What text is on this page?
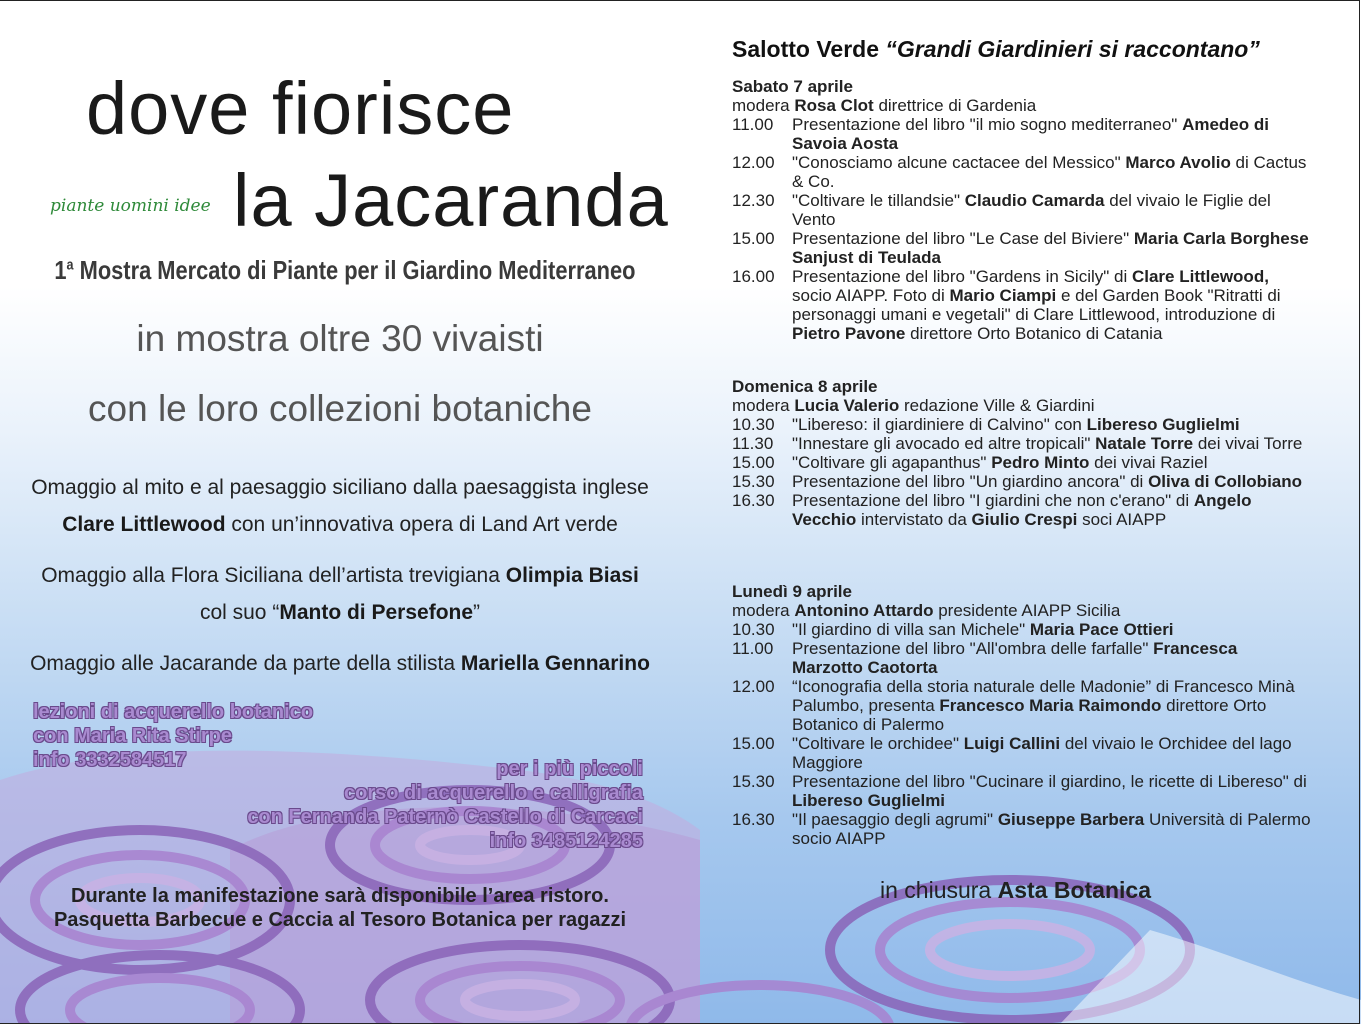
dove fiorisce
piante uomini idee la Jacaranda
1$^a$ Mostra Mercato di Piante per il Giardino Mediterraneo
in mostra oltre 30 vivaisti
con le loro collezioni botaniche
Omaggio al mito e al paesaggio siciliano dalla paesaggista inglese
Clare Littlewood con un’innovativa opera di Land Art verde
Omaggio alla Flora Siciliana dell’artista trevigiana Olimpia Biasi
col suo “Manto di Persefone”
Omaggio alle Jacarande da parte della stilista Mariella Gennarino
lezioni di acquerello botanico
con Maria Rita Stirpe
info 3332584517	per i più piccoli
corso di acquerello e calligrafia
con Fernanda Paternò Castello di Carcaci
info 3485124285
Durante la manifestazione sarà disponibile l’area ristoro.
Pasquetta Barbecue e Caccia al Tesoro Botanica per ragazzi
Salotto Verde “Grandi Giardinieri si raccontano”
Sabato 7 aprile
modera Rosa Clot direttrice di Gardenia
11.00	Presentazione del libro "il mio sogno mediterraneo" Amedeo di Savoia Aosta
12.00	"Conosciamo alcune cactacee del Messico" Marco Avolio di Cactus & Co.
12.30	"Coltivare le tillandsie" Claudio Camarda del vivaio le Figlie del Vento
15.00	Presentazione del libro "Le Case del Biviere" Maria Carla Borghese Sanjust di Teulada
16.00	Presentazione del libro "Gardens in Sicily" di Clare Littlewood, socio AIAPP. Foto di Mario Ciampi e del Garden Book "Ritratti di personaggi umani e vegetali" di Clare Littlewood, introduzione di Pietro Pavone direttore Orto Botanico di Catania
Domenica 8 aprile
modera Lucia Valerio redazione Ville & Giardini
10.30	"Libereso: il giardiniere di Calvino" con Libereso Guglielmi
11.30	"Innestare gli avocado ed altre tropicali" Natale Torre dei vivai Torre
15.00	"Coltivare gli agapanthus" Pedro Minto dei vivai Raziel
15.30	Presentazione del libro "Un giardino ancora" di Oliva di Collobiano
16.30	Presentazione del libro "I giardini che non c'erano" di Angelo Vecchio intervistato da Giulio Crespi soci AIAPP
Lunedì 9 aprile
modera Antonino Attardo presidente AIAPP Sicilia
10.30	"Il giardino di villa san Michele" Maria Pace Ottieri
11.00	Presentazione del libro "All'ombra delle farfalle" Francesca Marzotto Caotorta
12.00	“Iconografia della storia naturale delle Madonie” di Francesco Minà Palumbo, presenta Francesco Maria Raimondo direttore Orto Botanico di Palermo
15.00	"Coltivare le orchidee" Luigi Callini del vivaio le Orchidee del lago Maggiore
15.30	Presentazione del libro "Cucinare il giardino, le ricette di Libereso" di Libereso Guglielmi
16.30	"Il paesaggio degli agrumi" Giuseppe Barbera Università di Palermo socio AIAPP
in chiusura Asta Botanica
